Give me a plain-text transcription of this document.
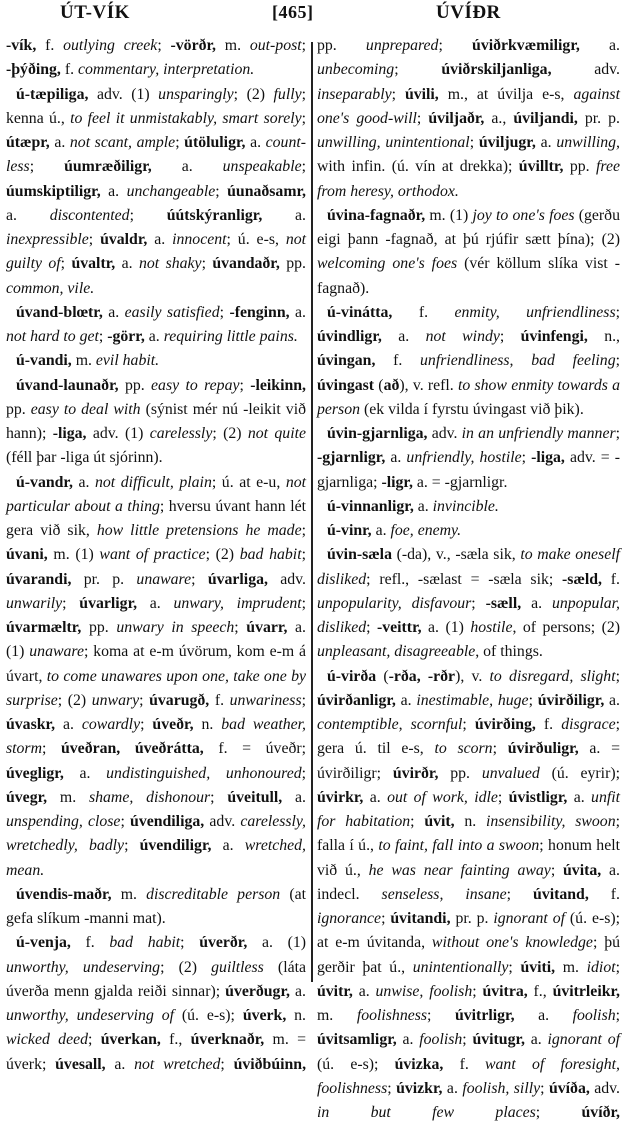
ÚT-VÍK	[465]	ÚVÍÐR

-vík, f. outlying creek; -vörðr, m. out-post; -þýðing, f. commentary, interpretation.

ú-tæpiliga, adv. (1) unsparingly; (2) fully; kenna ú., to feel it unmistakably, smart sorely; útæpr, a. not scant, ample; útöluligr, a. countless; úumræðiligr, a. unspeakable; úumskiptiligr, a. unchangeable; úunaðsamr, a. discontented; úútskýranligr, a. inexpressible; úvaldr, a. innocent; ú. e-s, not guilty of; úvaltr, a. not shaky; úvandaðr, pp. common, vile.

úvand-blœtr, a. easily satisfied; -fenginn, a. not hard to get; -görr, a. requiring little pains.

ú-vandi, m. evil habit.

úvand-launaðr, pp. easy to repay; -leikinn, pp. easy to deal with (sýnist mér nú -leikit við hann); -liga, adv. (1) carelessly; (2) not quite (féll þar -liga út sjórinn).

ú-vandr, a. not difficult, plain; ú. at e-u, not particular about a thing; hversu úvant hann lét gera við sik, how little pretensions he made; úvani, m. (1) want of practice; (2) bad habit; úvarandi, pr. p. unaware; úvarliga, adv. unwarily; úvarligr, a. unwary, imprudent; úvarmæltr, pp. unwary in speech; úvarr, a. (1) unaware; koma at e-m úvörum, kom e-m á úvart, to come unawares upon one, take one by surprise; (2) unwary; úvarugð, f. unwariness; úvaskr, a. cowardly; úveðr, n. bad weather, storm; úveðran, úveðrátta, f. = úveðr; úvegligr, a. undistinguished, unhonoured; úvegr, m. shame, dishonour; úveitull, a. unspending, close; úvendiliga, adv. carelessly, wretchedly, badly; úvendiligr, a. wretched, mean.

úvendis-maðr, m. discreditable person (at gefa slíkum -manni mat).

ú-venja, f. bad habit; úverðr, a. (1) unworthy, undeserving; (2) guiltless (láta úverða menn gjalda reiði sinnar); úverðugr, a. unworthy, undeserving of (ú. e-s); úverk, n. wicked deed; úverkan, f., úverknaðr, m. = úverk; úvesall, a. not wretched; úviðbúinn,

pp. unprepared; úviðrkvæmiligr, a. unbecoming; úviðrskiljanliga, adv. inseparably; úvili, m., at úvilja e-s, against one's good-will; úviljaðr, a., úviljandi, pr. p. unwilling, unintentional; úviljugr, a. unwilling, with infin. (ú. vín at drekka); úvilltr, pp. free from heresy, orthodox.

úvina-fagnaðr, m. (1) joy to one's foes (gerðu eigi þann -fagnað, at þú rjúfir sætt þína); (2) welcoming one's foes (vér köllum slíka vist -fagnað).

ú-vinátta, f. enmity, unfriendliness; úvindligr, a. not windy; úvinfengi, n., úvingan, f. unfriendliness, bad feeling; úvingast (að), v. refl. to show enmity towards a person (ek vilda í fyrstu úvingast við þik).

úvin-gjarnliga, adv. in an unfriendly manner; -gjarnligr, a. unfriendly, hostile; -liga, adv. = -gjarnliga; -ligr, a. = -gjarnligr.

ú-vinnanligr, a. invincible.

ú-vinr, a. foe, enemy.

úvin-sæla (-da), v., -sæla sik, to make oneself disliked; refl., -sælast = -sæla sik; -sæld, f. unpopularity, disfavour; -sæll, a. unpopular, disliked; -veittr, a. (1) hostile, of persons; (2) unpleasant, disagreeable, of things.

ú-virða (-rða, -rðr), v. to disregard, slight; úvirðanligr, a. inestimable, huge; úvirðiligr, a. contemptible, scornful; úvirðing, f. disgrace; gera ú. til e-s, to scorn; úvirðuligr, a. = úvirðiligr; úvirðr, pp. unvalued (ú. eyrir); úvirkr, a. out of work, idle; úvistligr, a. unfit for habitation; úvit, n. insensibility, swoon; falla í ú., to faint, fall into a swoon; honum helt við ú., he was near fainting away; úvita, a. indecl. senseless, insane; úvitand, f. ignorance; úvitandi, pr. p. ignorant of (ú. e-s); at e-m úvitanda, without one's knowledge; þú gerðir þat ú., unintentionally; úviti, m. idiot; úvitr, a. unwise, foolish; úvitra, f., úvitrleikr, m. foolishness; úvitrligr, a. foolish; úvitsamligr, a. foolish; úvitugr, a. ignorant of (ú. e-s); úvizka, f. want of foresight, foolishness; úvizkr, a. foolish, silly; úvíða, adv. in but few places; úvíðr,
